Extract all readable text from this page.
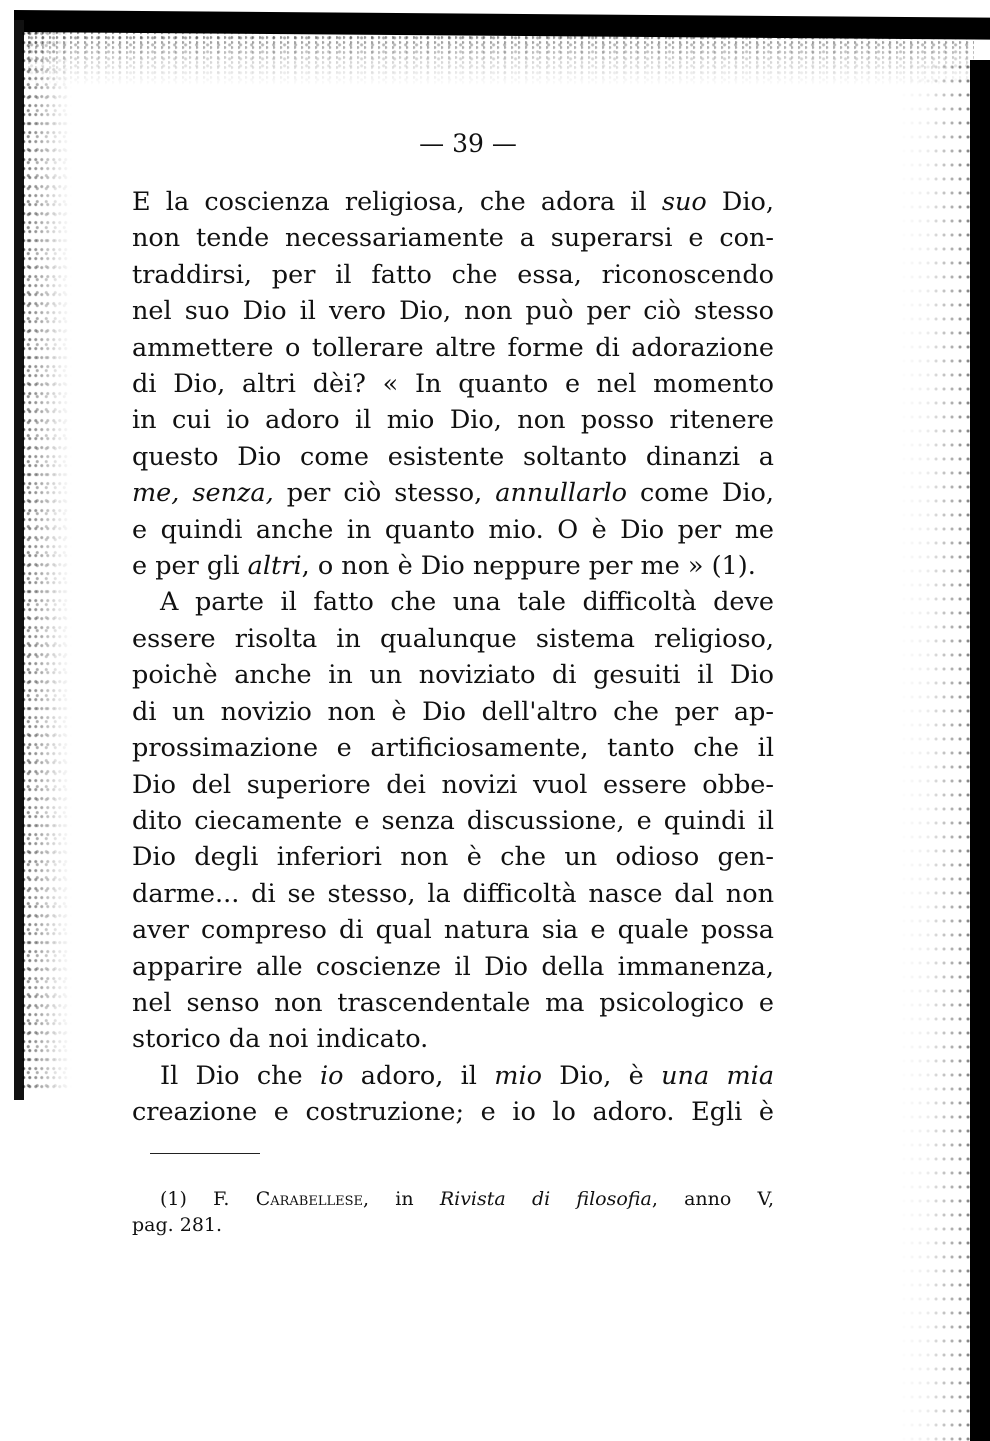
— 39 —

E la coscienza religiosa, che adora il suo Dio,
non tende necessariamente a superarsi e con-
traddirsi, per il fatto che essa, riconoscendo
nel suo Dio il vero Dio, non può per ciò stesso
ammettere o tollerare altre forme di adorazione
di Dio, altri dèi? « In quanto e nel momento
in cui io adoro il mio Dio, non posso ritenere
questo Dio come esistente soltanto dinanzi a
me, senza, per ciò stesso, annullarlo come Dio,
e quindi anche in quanto mio. O è Dio per me
e per gli altri, o non è Dio neppure per me » (1).

A parte il fatto che una tale difficoltà deve
essere risolta in qualunque sistema religioso,
poichè anche in un noviziato di gesuiti il Dio
di un novizio non è Dio dell'altro che per ap-
prossimazione e artificiosamente, tanto che il
Dio del superiore dei novizi vuol essere obbe-
dito ciecamente e senza discussione, e quindi il
Dio degli inferiori non è che un odioso gen-
darme... di se stesso, la difficoltà nasce dal non
aver compreso di qual natura sia e quale possa
apparire alle coscienze il Dio della immanenza,
nel senso non trascendentale ma psicologico e
storico da noi indicato.

Il Dio che io adoro, il mio Dio, è una mia
creazione e costruzione; e io lo adoro. Egli è

(1) F. Carabellese, in Rivista di filosofia, anno V,
pag. 281.
